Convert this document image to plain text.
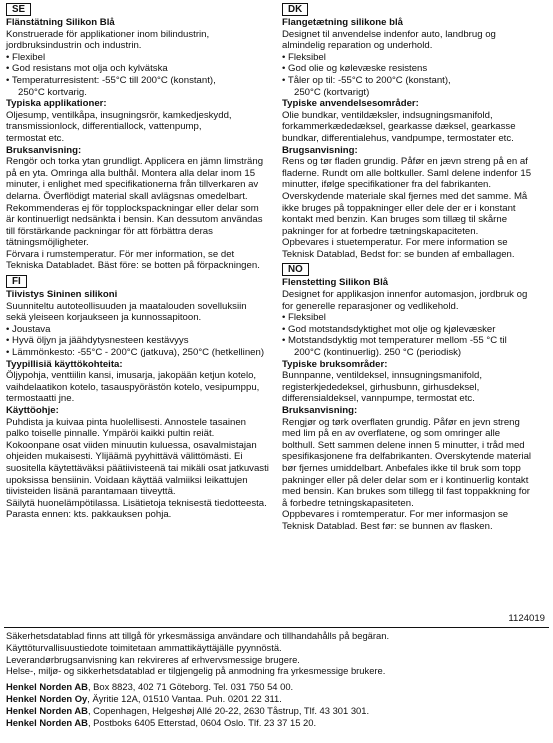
SE
Flänstätning Silikon Blå
Konstruerade för applikationer inom bilindustrin,
jordbruksindustrin och industrin.
• Flexibel
• God resistans mot olja och kylvätska
• Temperaturresistent: -55°C till 200°C (konstant),
250°C kortvarig.
Typiska applikationer:
Oljesump, ventilkåpa, insugningsrör, kamkedjeskydd,
transmissionlock, differentiallock, vattenpump,
termostat etc.
Bruksanvisning:
Rengör och torka ytan grundligt. Applicera en jämn limsträng
på en yta. Omringa alla bulthål. Montera alla delar inom 15
minuter, i enlighet med specifikationerna från tillverkaren av
delarna. Överflödigt material skall avlägsnas omedelbart.
Rekommenderas ej för topplockspackningar eller delar som
är kontinuerligt nedsänkta i bensin. Kan dessutom användas
till förstärkande packningar för att förbättra deras
tätningsmöjligheter.
Förvara i rumstemperatur. För mer information, se det
Tekniska Databladet. Bäst före: se botten på förpackningen.
FI
Tiivistys Sininen silikoni
Suunniteltu autoteollisuuden ja maatalouden sovelluksiin
sekä yleiseen korjaukseen ja kunnossapitoon.
• Joustava
• Hyvä öljyn ja jäähdytysnesteen kestävyys
• Lämmönkesto: -55°C - 200°C (jatkuva), 250°C (hetkellinen)
Tyypillisiä käyttökohteita:
Öljypohja, venttiilin kansi, imusarja, jakopään ketjun kotelo,
vaihdelaatikon kotelo, tasauspyörästön kotelo, vesipumppu,
termostaatti jne.
Käyttöohje:
Puhdista ja kuivaa pinta huolellisesti. Annostele tasainen
palko toiselle pinnalle. Ympäröi kaikki pultin reiät.
Kokoonpane osat viiden minuutin kuluessa, osavalmistajan
ohjeiden mukaisesti. Ylijäämä pyyhittävä välittömästi. Ei
suositella käytettäväksi päätiivisteenä tai mikäli osat jatkuvasti
upoksissa bensiinin. Voidaan käyttää valmiiksi leikattujen
tiivisteiden lisänä parantamaan tiiveyttä.
Säilytä huonelämpötilassa. Lisätietoja teknisestä tiedotteesta.
Parasta ennen: kts. pakkauksen pohja.
DK
Flangetætning silikone blå
Designet til anvendelse indenfor auto, landbrug og
almindelig reparation og underhold.
• Fleksibel
• God olie og kølevæske resistens
• Tåler op til: -55°C to 200°C (konstant),
250°C (kortvarigt)
Typiske anvendelsesområder:
Olie bundkar, ventildæksler, indsugningsmanifold,
forkammerkædedæksel, gearkasse dæksel, gearkasse
bundkar, differentialehus, vandpumpe, termostater etc.
Brugsanvisning:
Rens og tør fladen grundig. Påfør en jævn streng på en af
fladerne. Rundt om alle boltkuller. Saml delene indenfor 15
minutter, ifølge specifikationer fra del fabrikanten.
Overskydende materiale skal fjernes med det samme. Må
ikke bruges på toppakninger eller dele der er i konstant
kontakt med benzin. Kan bruges som tillæg til skårne
pakninger for at forbedre tætningskapaciteten.
Opbevares i stuetemperatur. For mere information se
Teknisk Datablad, Bedst for: se bunden af emballagen.
NO
Flenstetting Silikon Blå
Designet for applikasjon innenfor automasjon, jordbruk og
for generelle reparasjoner og vedlikehold.
• Fleksibel
• God motstandsdyktighet mot olje og kjølevæsker
• Motstandsdyktig mot temperaturer mellom -55 °C til
200°C (kontinuerlig). 250 °C (periodisk)
Typiske bruksområder:
Bunnpanne, ventildeksel, innsugningsmanifold,
registerkjededeksel, girhusbunn, girhusdeksel,
differensialdeksel, vannpumpe, termostat etc.
Bruksanvisning:
Rengjør og tørk overflaten grundig. Påfør en jevn streng
med lim på en av overflatene, og som omringer alle
bolthull. Sett sammen delene innen 5 minutter, i tråd med
spesifikasjonene fra delfabrikanten. Overskytende material
bør fjernes umiddelbart. Anbefales ikke til bruk som topp
pakninger eller på deler delar som er i kontinuerlig kontakt
med bensin. Kan brukes som tillegg til fast toppakkning for
å forbedre tetningskapasiteten.
Oppbevares i romtemperatur. For mer informasjon se
Teknisk Datablad. Best før: se bunnen av flasken.
1124019
Säkerhetsdatablad finns att tillgå för yrkesmässiga användare och tillhandahålls på begäran.
Käyttöturvallisuustiedote toimitetaan ammattikäyttäjälle pyynnöstä.
Leverandørbrugsanvisning kan rekvireres af erhvervsmessige brugere.
Helse-, miljø- og sikkerhetsdatablad er tilgjengelig på anmodning fra yrkesmessige brukere.
Henkel Norden AB, Box 8823, 402 71 Göteborg. Tel. 031 750 54 00.
Henkel Norden Oy, Äyritie 12A, 01510 Vantaa. Puh. 0201 22 311.
Henkel Norden AB, Copenhagen, Helgeshøj Allé 20-22, 2630 Tåstrup, Tlf. 43 301 301.
Henkel Norden AB, Postboks 6405 Etterstad, 0604 Oslo. Tlf. 23 37 15 20.
